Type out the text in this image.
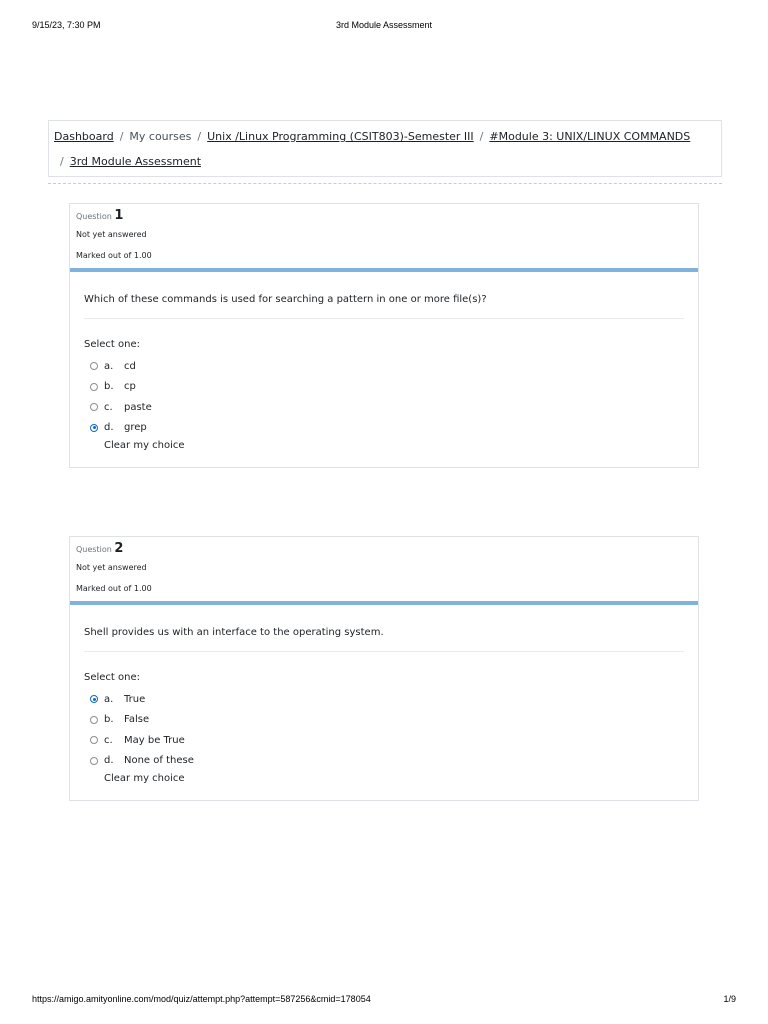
9/15/23, 7:30 PM	3rd Module Assessment
Dashboard / My courses / Unix /Linux Programming (CSIT803)-Semester III / #Module 3: UNIX/LINUX COMMANDS
/ 3rd Module Assessment
Question 1
Not yet answered
Marked out of 1.00
Which of these commands is used for searching a pattern in one or more file(s)?
Select one:
a.	cd
b.	cp
c.	paste
d.	grep
Clear my choice
Question 2
Not yet answered
Marked out of 1.00
Shell provides us with an interface to the operating system.
Select one:
a.	True
b.	False
c.	May be True
d.	None of these
Clear my choice
https://amigo.amityonline.com/mod/quiz/attempt.php?attempt=587256&cmid=178054	1/9
